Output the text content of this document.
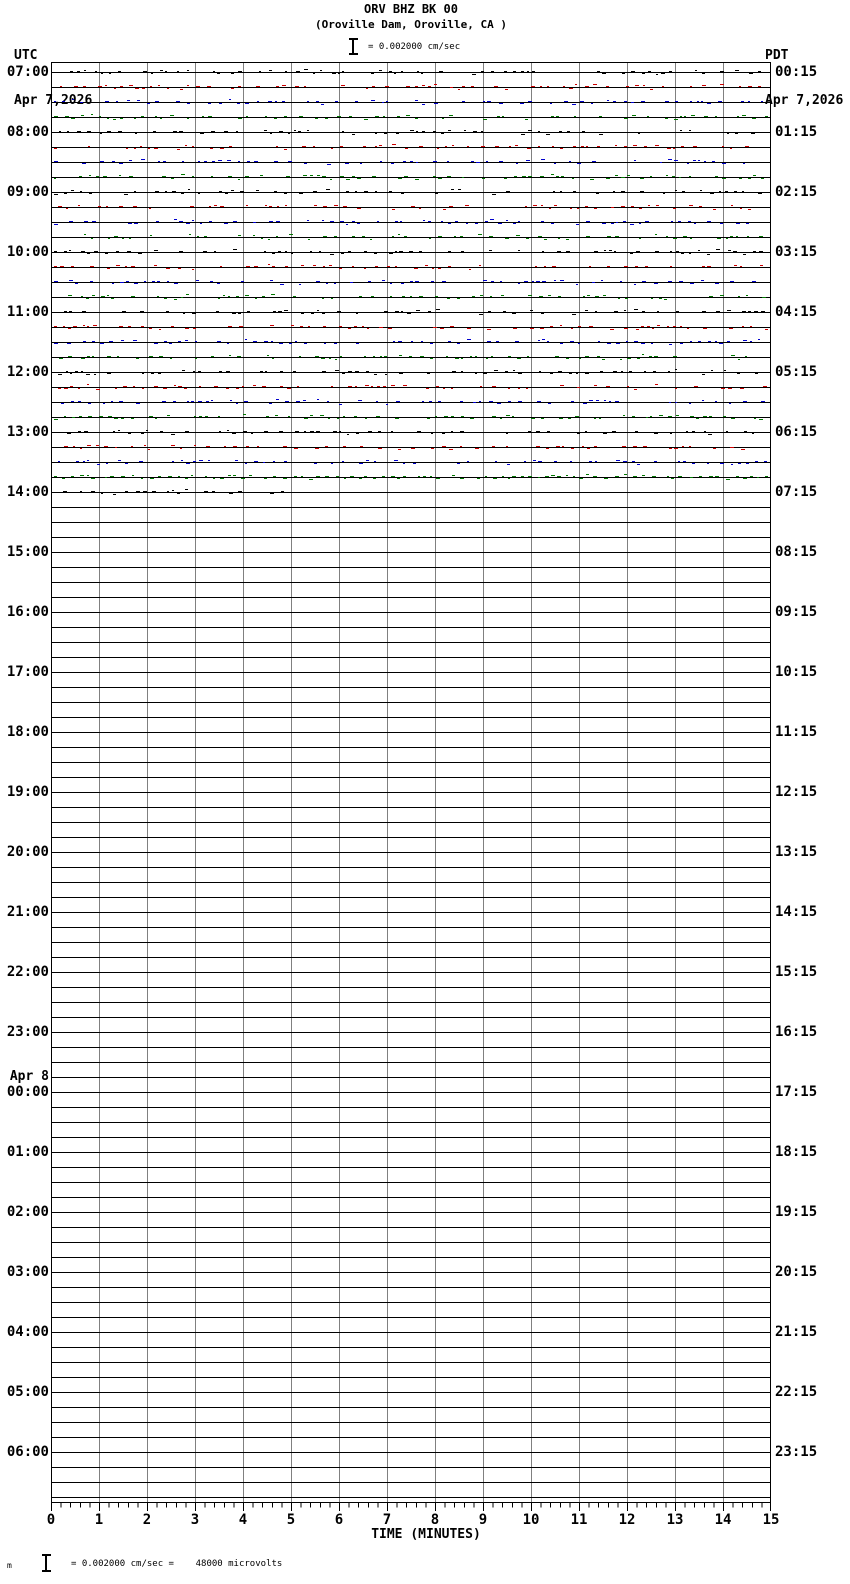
ORV BHZ BK 00
(Oroville Dam, Oroville, CA )

UTC

Apr 7,2026

PDT

Apr 7,2026

= 0.002000 cm/sec
07:00
08:00
09:00
10:00
11:00
12:00
13:00
14:00
15:00
16:00
17:00
18:00
19:00
20:00
21:00
22:00
23:00
Apr 8
00:00
01:00
02:00
03:00
04:00
05:00
06:00
00:15
01:15
02:15
03:15
04:15
05:15
06:15
07:15
08:15
09:15
10:15
11:15
12:15
13:15
14:15
15:15
16:15
17:15
18:15
19:15
20:15
21:15
22:15
23:15
0	1	2	3	4	5	6	7	8	9	10	11	12	13	14	15
TIME (MINUTES)
m	= 0.002000 cm/sec =    48000 microvolts
